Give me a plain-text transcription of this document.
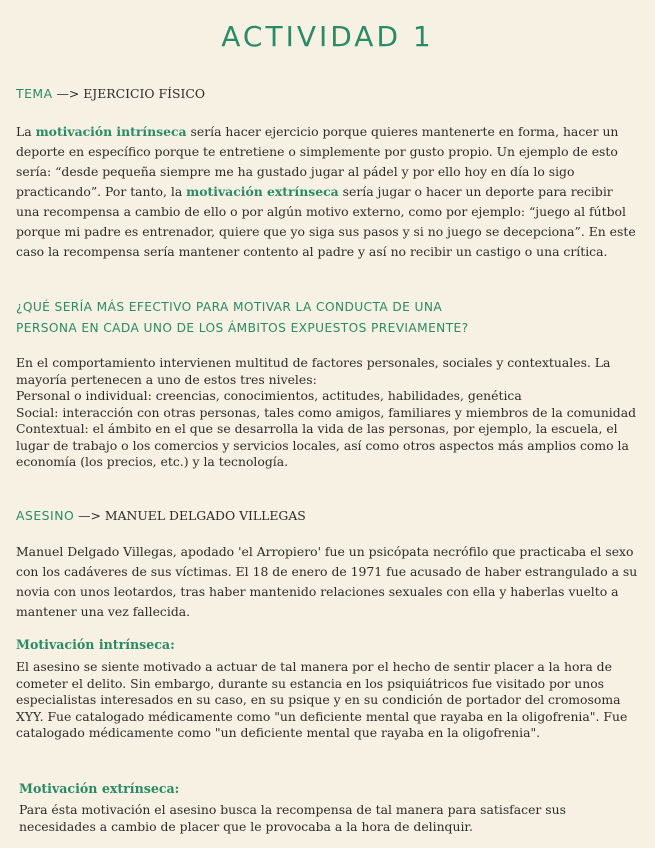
ACTIVIDAD 1
TEMA —> EJERCICIO FÍSICO

La motivación intrínseca sería hacer ejercicio porque quieres mantenerte en forma, hacer un deporte en específico porque te entretiene o simplemente por gusto propio. Un ejemplo de esto sería: “desde pequeña siempre me ha gustado jugar al pádel y por ello hoy en día lo sigo practicando”. Por tanto, la motivación extrínseca sería jugar o hacer un deporte para recibir una recompensa a cambio de ello o por algún motivo externo, como por ejemplo: “juego al fútbol porque mi padre es entrenador, quiere que yo siga sus pasos y si no juego se decepciona”. En este caso la recompensa sería mantener contento al padre y así no recibir un castigo o una crítica.

¿QUÉ SERÍA MÁS EFECTIVO PARA MOTIVAR LA CONDUCTA DE UNA
PERSONA EN CADA UNO DE LOS ÁMBITOS EXPUESTOS PREVIAMENTE?

En el comportamiento intervienen multitud de factores personales, sociales y contextuales. La mayoría pertenecen a uno de estos tres niveles:
Personal o individual: creencias, conocimientos, actitudes, habilidades, genética
Social: interacción con otras personas, tales como amigos, familiares y miembros de la comunidad
Contextual: el ámbito en el que se desarrolla la vida de las personas, por ejemplo, la escuela, el lugar de trabajo o los comercios y servicios locales, así como otros aspectos más amplios como la economía (los precios, etc.) y la tecnología.

ASESINO —> MANUEL DELGADO VILLEGAS

Manuel Delgado Villegas, apodado 'el Arropiero' fue un psicópata necrófilo que practicaba el sexo con los cadáveres de sus víctimas. El 18 de enero de 1971 fue acusado de haber estrangulado a su novia con unos leotardos, tras haber mantenido relaciones sexuales con ella y haberlas vuelto a mantener una vez fallecida.

Motivación intrínseca:

El asesino se siente motivado a actuar de tal manera por el hecho de sentir placer a la hora de cometer el delito. Sin embargo, durante su estancia en los psiquiátricos fue visitado por unos especialistas interesados en su caso, en su psique y en su condición de portador del cromosoma XYY. Fue catalogado médicamente como "un deficiente mental que rayaba en la oligofrenia". Fue catalogado médicamente como "un deficiente mental que rayaba en la oligofrenia".

Motivación extrínseca:

Para ésta motivación el asesino busca la recompensa de tal manera para satisfacer sus necesidades a cambio de placer que le provocaba a la hora de delinquir.
